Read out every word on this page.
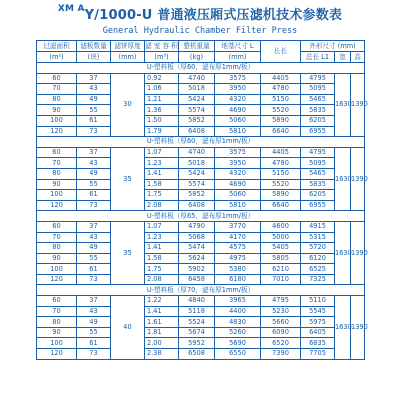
$^{XM A}$Y/1000-U 普通液压厢式压滤机技术参数表
General Hydraulic Chamber Filter Press
过滤面积	滤板数量	滤饼厚度	滤 室 容 积	整机重量	地基尺寸 L	长长	外形尺寸 (mm)		
(m²)	(块)	(mm)	(m³)	(kg)	(mm)		总长 L1	宽	高
U-塑料板（厚60，滤布厚1mm/板）									
60	37	30	0.92	4740	3575	4405	4795	1630	1390
70	43		1.06	5018	3950	4780	5095		
80	49		1.21	5424	4320	5150	5465		
90	55		1.36	5574	4690	5520	5835		
100	61		1.50	5852	5060	5890	6205		
120	73		1.79	6408	5810	6640	6955		
U-塑料板（厚60，滤布厚1mm/板）									
60	37	35	1.07	4740	3575	4405	4795	1630	1390
70	43		1.23	5018	3950	4780	5095		
80	49		1.41	5424	4320	5150	5465		
90	55		1.58	5574	4690	5520	5835		
100	61		1.75	5852	5060	5890	6205		
120	73		2.08	6408	5810	6640	6955		
U-塑料板（厚65，滤布厚1mm/板）									
60	37	35	1.07	4790	3770	4600	4915	1630	1390
70	43		1.23	5068	4170	5000	5315		
80	49		1.41	5474	4575	5405	5720		
90	55		1.58	5624	4975	5805	6120		
100	61		1.75	5902	5380	6210	6525		
120	73		2.08	6458	6180	7010	7325		
U-塑料板（厚70，滤布厚1mm/板）									
60	37	40	1.22	4840	3965	4795	5110	1630	1390
70	43		1.41	5118	4400	5230	5545		
80	49		1.61	5524	4830	5660	5975		
90	55		1.81	5674	5260	6090	6405		
100	61		2.00	5952	5690	6520	6835		
120	73		2.38	6508	6550	7390	7705		
